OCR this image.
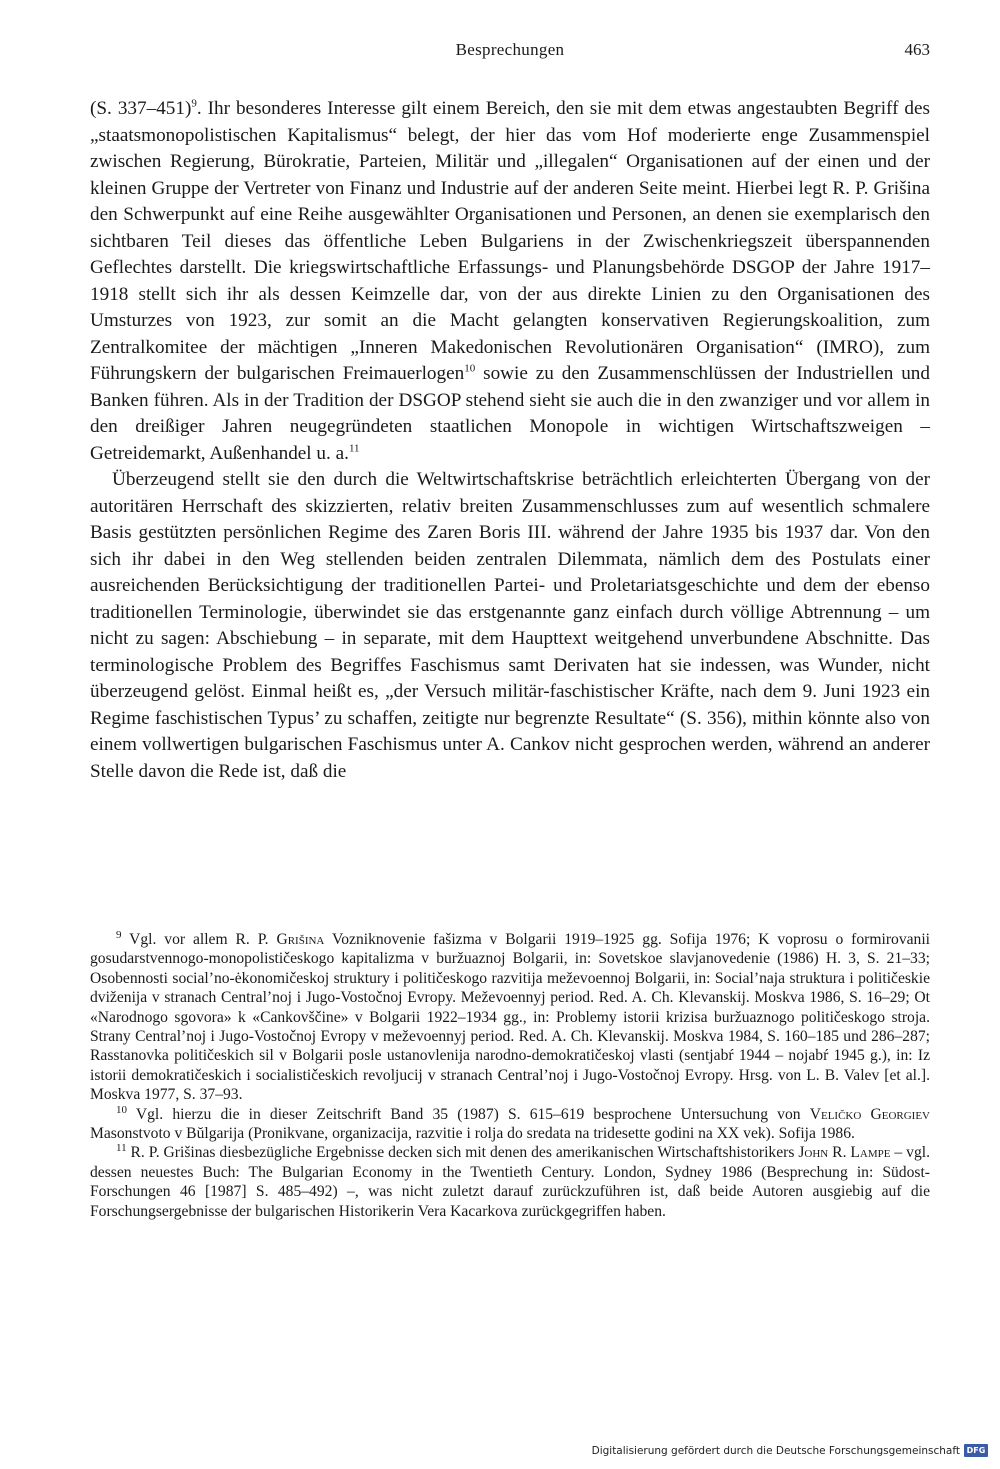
Besprechungen	463

(S. 337–451)$^9$. Ihr besonderes Interesse gilt einem Bereich, den sie mit dem etwas angestaubten Begriff des „staatsmonopolistischen Kapitalismus“ belegt, der hier das vom Hof moderierte enge Zusammenspiel zwischen Regierung, Bürokratie, Parteien, Militär und „illegalen“ Organisationen auf der einen und der kleinen Gruppe der Vertreter von Finanz und Industrie auf der anderen Seite meint. Hierbei legt R. P. Grišina den Schwerpunkt auf eine Reihe ausgewählter Organisationen und Personen, an denen sie exemplarisch den sichtbaren Teil dieses das öffentliche Leben Bulgariens in der Zwischenkriegszeit überspannenden Geflechtes darstellt. Die kriegswirtschaftliche Erfassungs- und Planungsbehörde DSGOP der Jahre 1917–1918 stellt sich ihr als dessen Keimzelle dar, von der aus direkte Linien zu den Organisationen des Umsturzes von 1923, zur somit an die Macht gelangten konservativen Regierungskoalition, zum Zentralkomitee der mächtigen „Inneren Makedonischen Revolutionären Organisation“ (IMRO), zum Führungskern der bulgarischen Freimauerlogen$^{10}$ sowie zu den Zusammenschlüssen der Industriellen und Banken führen. Als in der Tradition der DSGOP stehend sieht sie auch die in den zwanziger und vor allem in den dreißiger Jahren neugegründeten staatlichen Monopole in wichtigen Wirtschaftszweigen – Getreidemarkt, Außenhandel u. a.$^{11}$

Überzeugend stellt sie den durch die Weltwirtschaftskrise beträchtlich erleichterten Übergang von der autoritären Herrschaft des skizzierten, relativ breiten Zusammenschlusses zum auf wesentlich schmalere Basis gestützten persönlichen Regime des Zaren Boris III. während der Jahre 1935 bis 1937 dar. Von den sich ihr dabei in den Weg stellenden beiden zentralen Dilemmata, nämlich dem des Postulats einer ausreichenden Berücksichtigung der traditionellen Partei- und Proletariatsgeschichte und dem der ebenso traditionellen Terminologie, überwindet sie das erstgenannte ganz einfach durch völlige Abtrennung – um nicht zu sagen: Abschiebung – in separate, mit dem Haupttext weitgehend unverbundene Abschnitte. Das terminologische Problem des Begriffes Faschismus samt Derivaten hat sie indessen, was Wunder, nicht überzeugend gelöst. Einmal heißt es, „der Versuch militär-faschistischer Kräfte, nach dem 9. Juni 1923 ein Regime faschistischen Typus’ zu schaffen, zeitigte nur begrenzte Resultate“ (S. 356), mithin könnte also von einem vollwertigen bulgarischen Faschismus unter A. Cankov nicht gesprochen werden, während an anderer Stelle davon die Rede ist, daß die

$^9$ Vgl. vor allem R. P. Grišina Vozniknovenie fašizma v Bolgarii 1919–1925 gg. Sofija 1976; K voprosu o formirovanii gosudarstvennogo-monopolističeskogo kapitalizma v buržuaznoj Bolgarii, in: Sovetskoe slavjanovedenie (1986) H. 3, S. 21–33; Osobennosti social’no-ėkonomičeskoj struktury i političeskogo razvitija meževoennoj Bolgarii, in: Social’naja struktura i političeskie dviženija v stranach Central’noj i Jugo-Vostočnoj Evropy. Meževoennyj period. Red. A. Ch. Klevanskij. Moskva 1986, S. 16–29; Ot «Narodnogo sgovora» k «Cankovščine» v Bolgarii 1922–1934 gg., in: Problemy istorii krizisa buržuaznogo političeskogo stroja. Strany Central’noj i Jugo-Vostočnoj Evropy v meževoennyj period. Red. A. Ch. Klevanskij. Moskva 1984, S. 160–185 und 286–287; Rasstanovka političeskich sil v Bolgarii posle ustanovlenija narodno-demokratičeskoj vlasti (sentjabŕ 1944 – nojabŕ 1945 g.), in: Iz istorii demokratičeskich i socialističeskich revoljucij v stranach Central’noj i Jugo-Vostočnoj Evropy. Hrsg. von L. B. Valev [et al.]. Moskva 1977, S. 37–93.

$^{10}$ Vgl. hierzu die in dieser Zeitschrift Band 35 (1987) S. 615–619 besprochene Untersuchung von Veličko Georgiev Masonstvoto v Bŭlgarija (Pronikvane, organizacija, razvitie i rolja do sredata na tridesette godini na XX vek). Sofija 1986.

$^{11}$ R. P. Grišinas diesbezügliche Ergebnisse decken sich mit denen des amerikanischen Wirtschaftshistorikers John R. Lampe – vgl. dessen neuestes Buch: The Bulgarian Economy in the Twentieth Century. London, Sydney 1986 (Besprechung in: Südost-Forschungen 46 [1987] S. 485–492) –, was nicht zuletzt darauf zurückzuführen ist, daß beide Autoren ausgiebig auf die Forschungsergebnisse der bulgarischen Historikerin Vera Kacarkova zurückgegriffen haben.

Digitalisierung gefördert durch die Deutsche Forschungsgemeinschaft DFG
